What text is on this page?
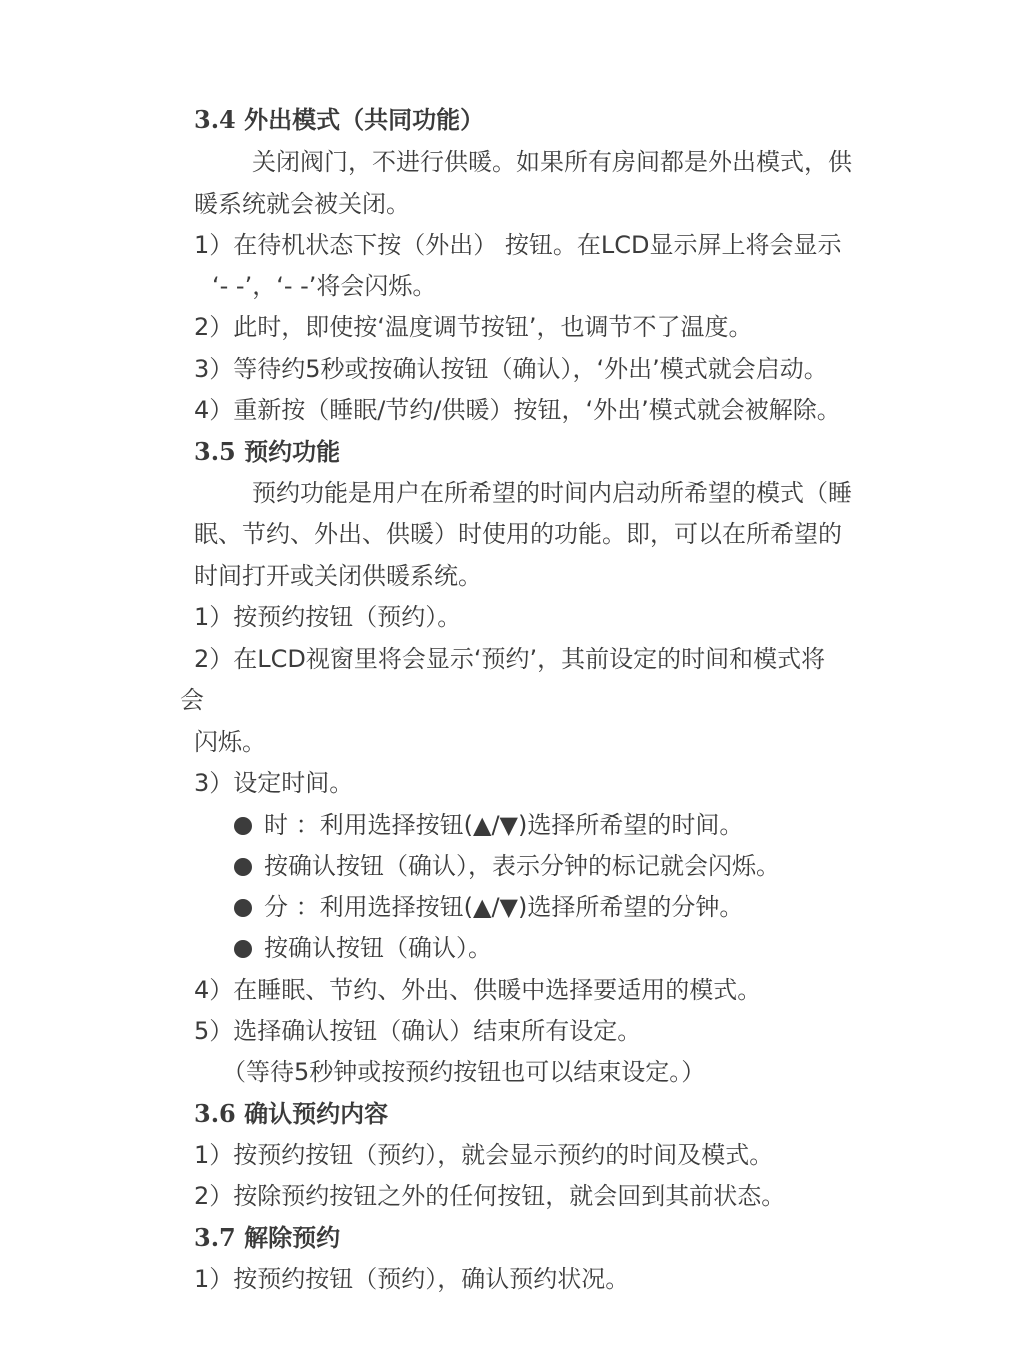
3.4 外出模式（共同功能）
关闭阀门，不进行供暖。如果所有房间都是外出模式，供
暖系统就会被关闭。
1）在待机状态下按（外出） 按钮。在LCD显示屏上将会显示
‘- -’，‘- -’将会闪烁。
2）此时，即使按‘温度调节按钮’，也调节不了温度。
3）等待约5秒或按确认按钮（确认），‘外出’模式就会启动。
4）重新按（睡眠/节约/供暖）按钮，‘外出’模式就会被解除。
3.5 预约功能
预约功能是用户在所希望的时间内启动所希望的模式（睡
眠、节约、外出、供暖）时使用的功能。即，可以在所希望的
时间打开或关闭供暖系统。
1）按预约按钮（预约）。
2）在LCD视窗里将会显示‘预约’，其前设定的时间和模式将
会
闪烁。
3）设定时间。
时 ：利用选择按钮(▲/▼)选择所希望的时间。
按确认按钮（确认），表示分钟的标记就会闪烁。
分 ：利用选择按钮(▲/▼)选择所希望的分钟。
按确认按钮（确认）。
4）在睡眠、节约、外出、供暖中选择要适用的模式。
5）选择确认按钮（确认）结束所有设定。
（等待5秒钟或按预约按钮也可以结束设定。）
3.6 确认预约内容
1）按预约按钮（预约），就会显示预约的时间及模式。
2）按除预约按钮之外的任何按钮，就会回到其前状态。
3.7 解除预约
1）按预约按钮（预约），确认预约状况。
